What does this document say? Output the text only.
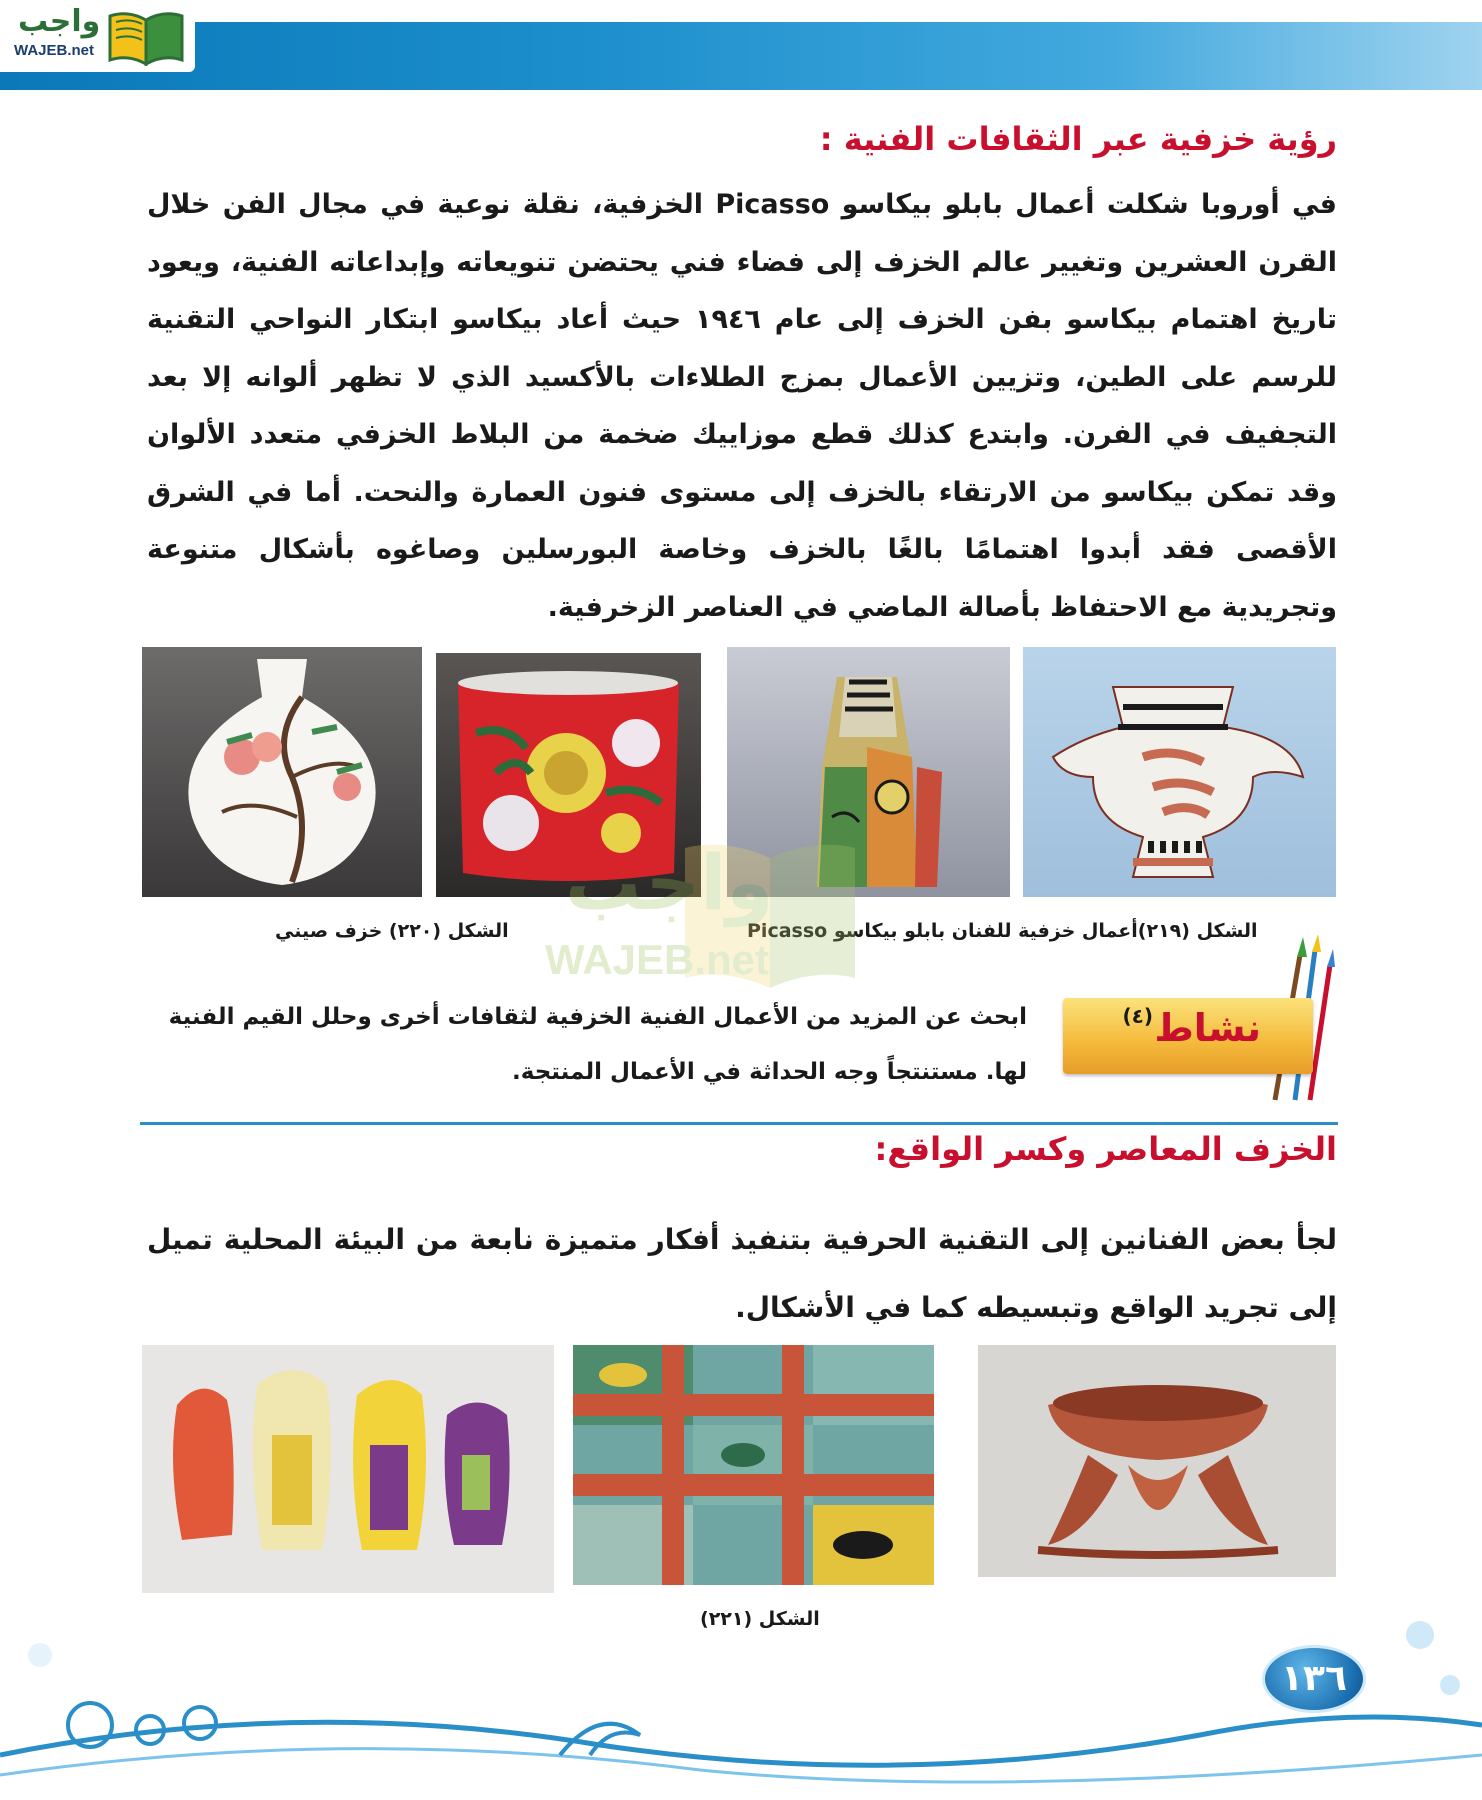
واجب
WAJEB.net
رؤية خزفية عبر الثقافات الفنية :

في أوروبا شكلت أعمال بابلو بيكاسو Picasso الخزفية، نقلة نوعية في مجال الفن خلال القرن العشرين وتغيير عالم الخزف إلى فضاء فني يحتضن تنويعاته وإبداعاته الفنية، ويعود تاريخ اهتمام بيكاسو بفن الخزف إلى عام ١٩٤٦ حيث أعاد بيكاسو ابتكار النواحي التقنية للرسم على الطين، وتزيين الأعمال بمزج الطلاءات بالأكسيد الذي لا تظهر ألوانه إلا بعد التجفيف في الفرن. وابتدع كذلك قطع موزاييك ضخمة من البلاط الخزفي متعدد الألوان وقد تمكن بيكاسو من الارتقاء بالخزف إلى مستوى فنون العمارة والنحت. أما في الشرق الأقصى فقد أبدوا اهتمامًا بالغًا بالخزف وخاصة البورسلين وصاغوه بأشكال متنوعة وتجريدية مع الاحتفاظ بأصالة الماضي في العناصر الزخرفية.

الشكل (٢١٩)أعمال خزفية للفنان بابلو بيكاسو Picasso
الشكل (٢٢٠) خزف صيني
واجب
WAJEB.net
نشاط
(٤)

ابحث عن المزيد من الأعمال الفنية الخزفية لثقافات أخرى وحلل القيم الفنية لها. مستنتجاً وجه الحداثة في الأعمال المنتجة.

الخزف المعاصر وكسر الواقع:

لجأ بعض الفنانين إلى التقنية الحرفية بتنفيذ أفكار متميزة نابعة من البيئة المحلية تميل إلى تجريد الواقع وتبسيطه كما في الأشكال.

الشكل (٢٢١)
١٣٦
